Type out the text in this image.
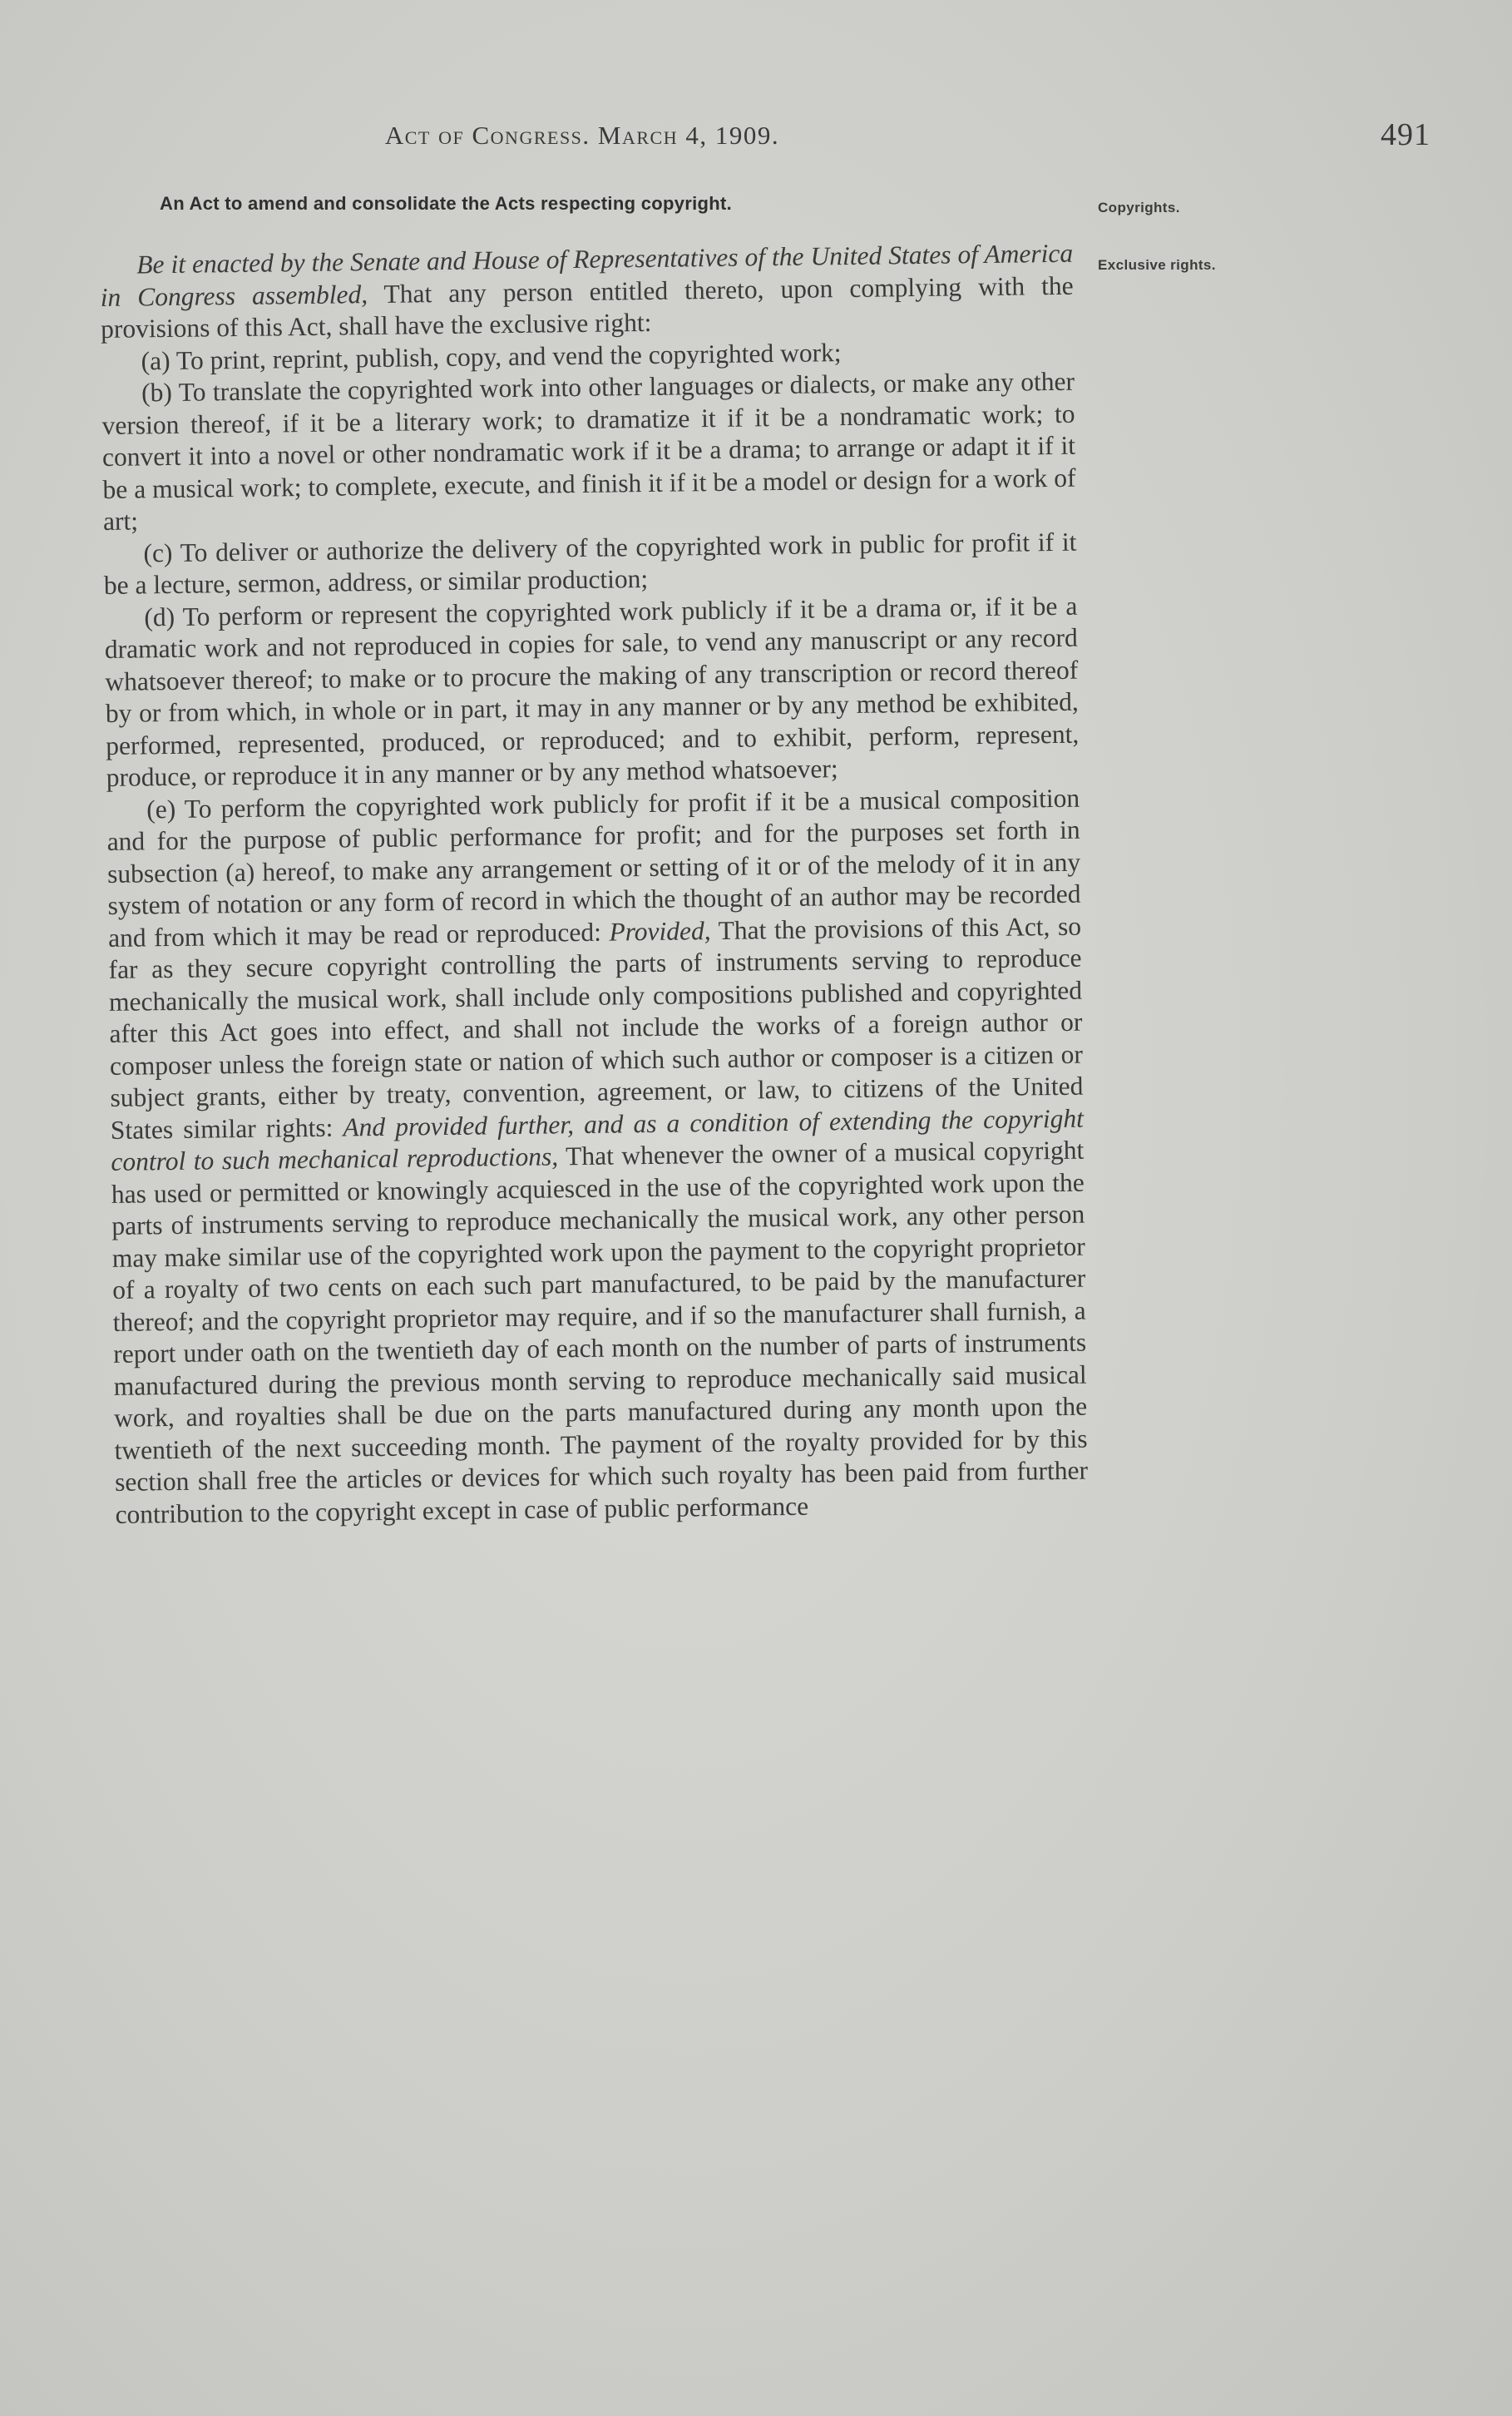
Act of Congress. March 4, 1909.	491
An Act to amend and consolidate the Acts respecting copyright.	Copyrights.
Exclusive rights.

Be it enacted by the Senate and House of Representatives of the United States of America in Congress assembled, That any person entitled thereto, upon complying with the provisions of this Act, shall have the exclusive right:

(a) To print, reprint, publish, copy, and vend the copyrighted work;

(b) To translate the copyrighted work into other languages or dialects, or make any other version thereof, if it be a literary work; to dramatize it if it be a nondramatic work; to convert it into a novel or other nondramatic work if it be a drama; to arrange or adapt it if it be a musical work; to complete, execute, and finish it if it be a model or design for a work of art;

(c) To deliver or authorize the delivery of the copyrighted work in public for profit if it be a lecture, sermon, address, or similar production;

(d) To perform or represent the copyrighted work publicly if it be a drama or, if it be a dramatic work and not reproduced in copies for sale, to vend any manuscript or any record whatsoever thereof; to make or to procure the making of any transcription or record thereof by or from which, in whole or in part, it may in any manner or by any method be exhibited, performed, represented, produced, or reproduced; and to exhibit, perform, represent, produce, or reproduce it in any manner or by any method whatsoever;

(e) To perform the copyrighted work publicly for profit if it be a musical composition and for the purpose of public performance for profit; and for the purposes set forth in subsection (a) hereof, to make any arrangement or setting of it or of the melody of it in any system of notation or any form of record in which the thought of an author may be recorded and from which it may be read or reproduced: Provided, That the provisions of this Act, so far as they secure copyright controlling the parts of instruments serving to reproduce mechanically the musical work, shall include only compositions published and copyrighted after this Act goes into effect, and shall not include the works of a foreign author or composer unless the foreign state or nation of which such author or composer is a citizen or subject grants, either by treaty, convention, agreement, or law, to citizens of the United States similar rights: And provided further, and as a condition of extending the copyright control to such mechanical reproductions, That whenever the owner of a musical copyright has used or permitted or knowingly acquiesced in the use of the copyrighted work upon the parts of instruments serving to reproduce mechanically the musical work, any other person may make similar use of the copyrighted work upon the payment to the copyright proprietor of a royalty of two cents on each such part manufactured, to be paid by the manufacturer thereof; and the copyright proprietor may require, and if so the manufacturer shall furnish, a report under oath on the twentieth day of each month on the number of parts of instruments manufactured during the previous month serving to reproduce mechanically said musical work, and royalties shall be due on the parts manufactured during any month upon the twentieth of the next succeeding month. The payment of the royalty provided for by this section shall free the articles or devices for which such royalty has been paid from further contribution to the copyright except in case of public performance
